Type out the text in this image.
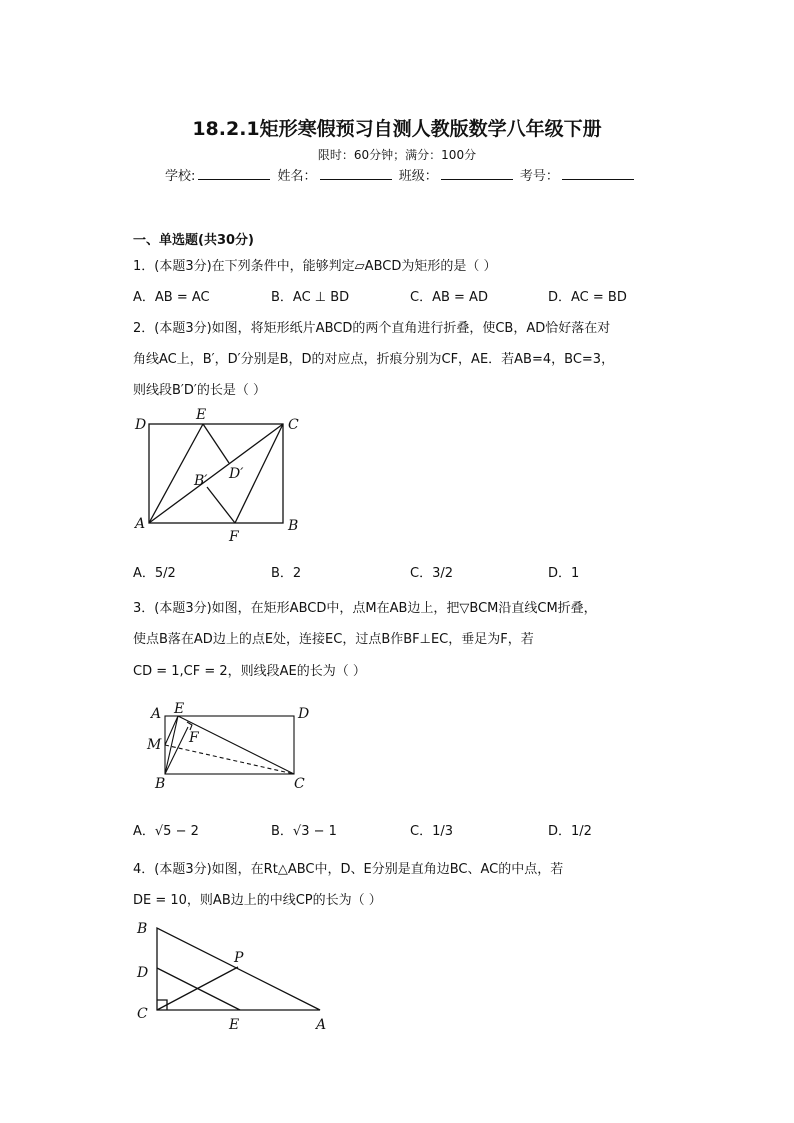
18.2.1矩形寒假预习自测人教版数学八年级下册
限时：60分钟；满分：100分
学校:	姓名：	班级：	考号：
一、单选题(共30分)
1．(本题3分)在下列条件中，能够判定▱ABCD为矩形的是（ ）
A．AB = AC	B．AC ⊥ BD	C．AB = AD	D．AC = BD
2．(本题3分)如图，将矩形纸片ABCD的两个直角进行折叠，使CB，AD恰好落在对
角线AC上，B′，D′分别是B，D的对应点，折痕分别为CF，AE．若AB=4，BC=3，
则线段B′D′的长是（ ）
D	C
A	B
E
F
B′ D′
A E	D
M F
B	C
B
D
C
E	A
P
A．5/2	B．2	C．3/2	D．1
3．(本题3分)如图，在矩形ABCD中，点M在AB边上，把▽BCM沿直线CM折叠，
使点B落在AD边上的点E处，连接EC，过点B作BF⊥EC，垂足为F，若
CD = 1,CF = 2，则线段AE的长为（ ）
A．√5 − 2	B．√3 − 1	C．1/3	D．1/2
4．(本题3分)如图，在Rt△ABC中，D、E分别是直角边BC、AC的中点，若
DE = 10，则AB边上的中线CP的长为（ ）
